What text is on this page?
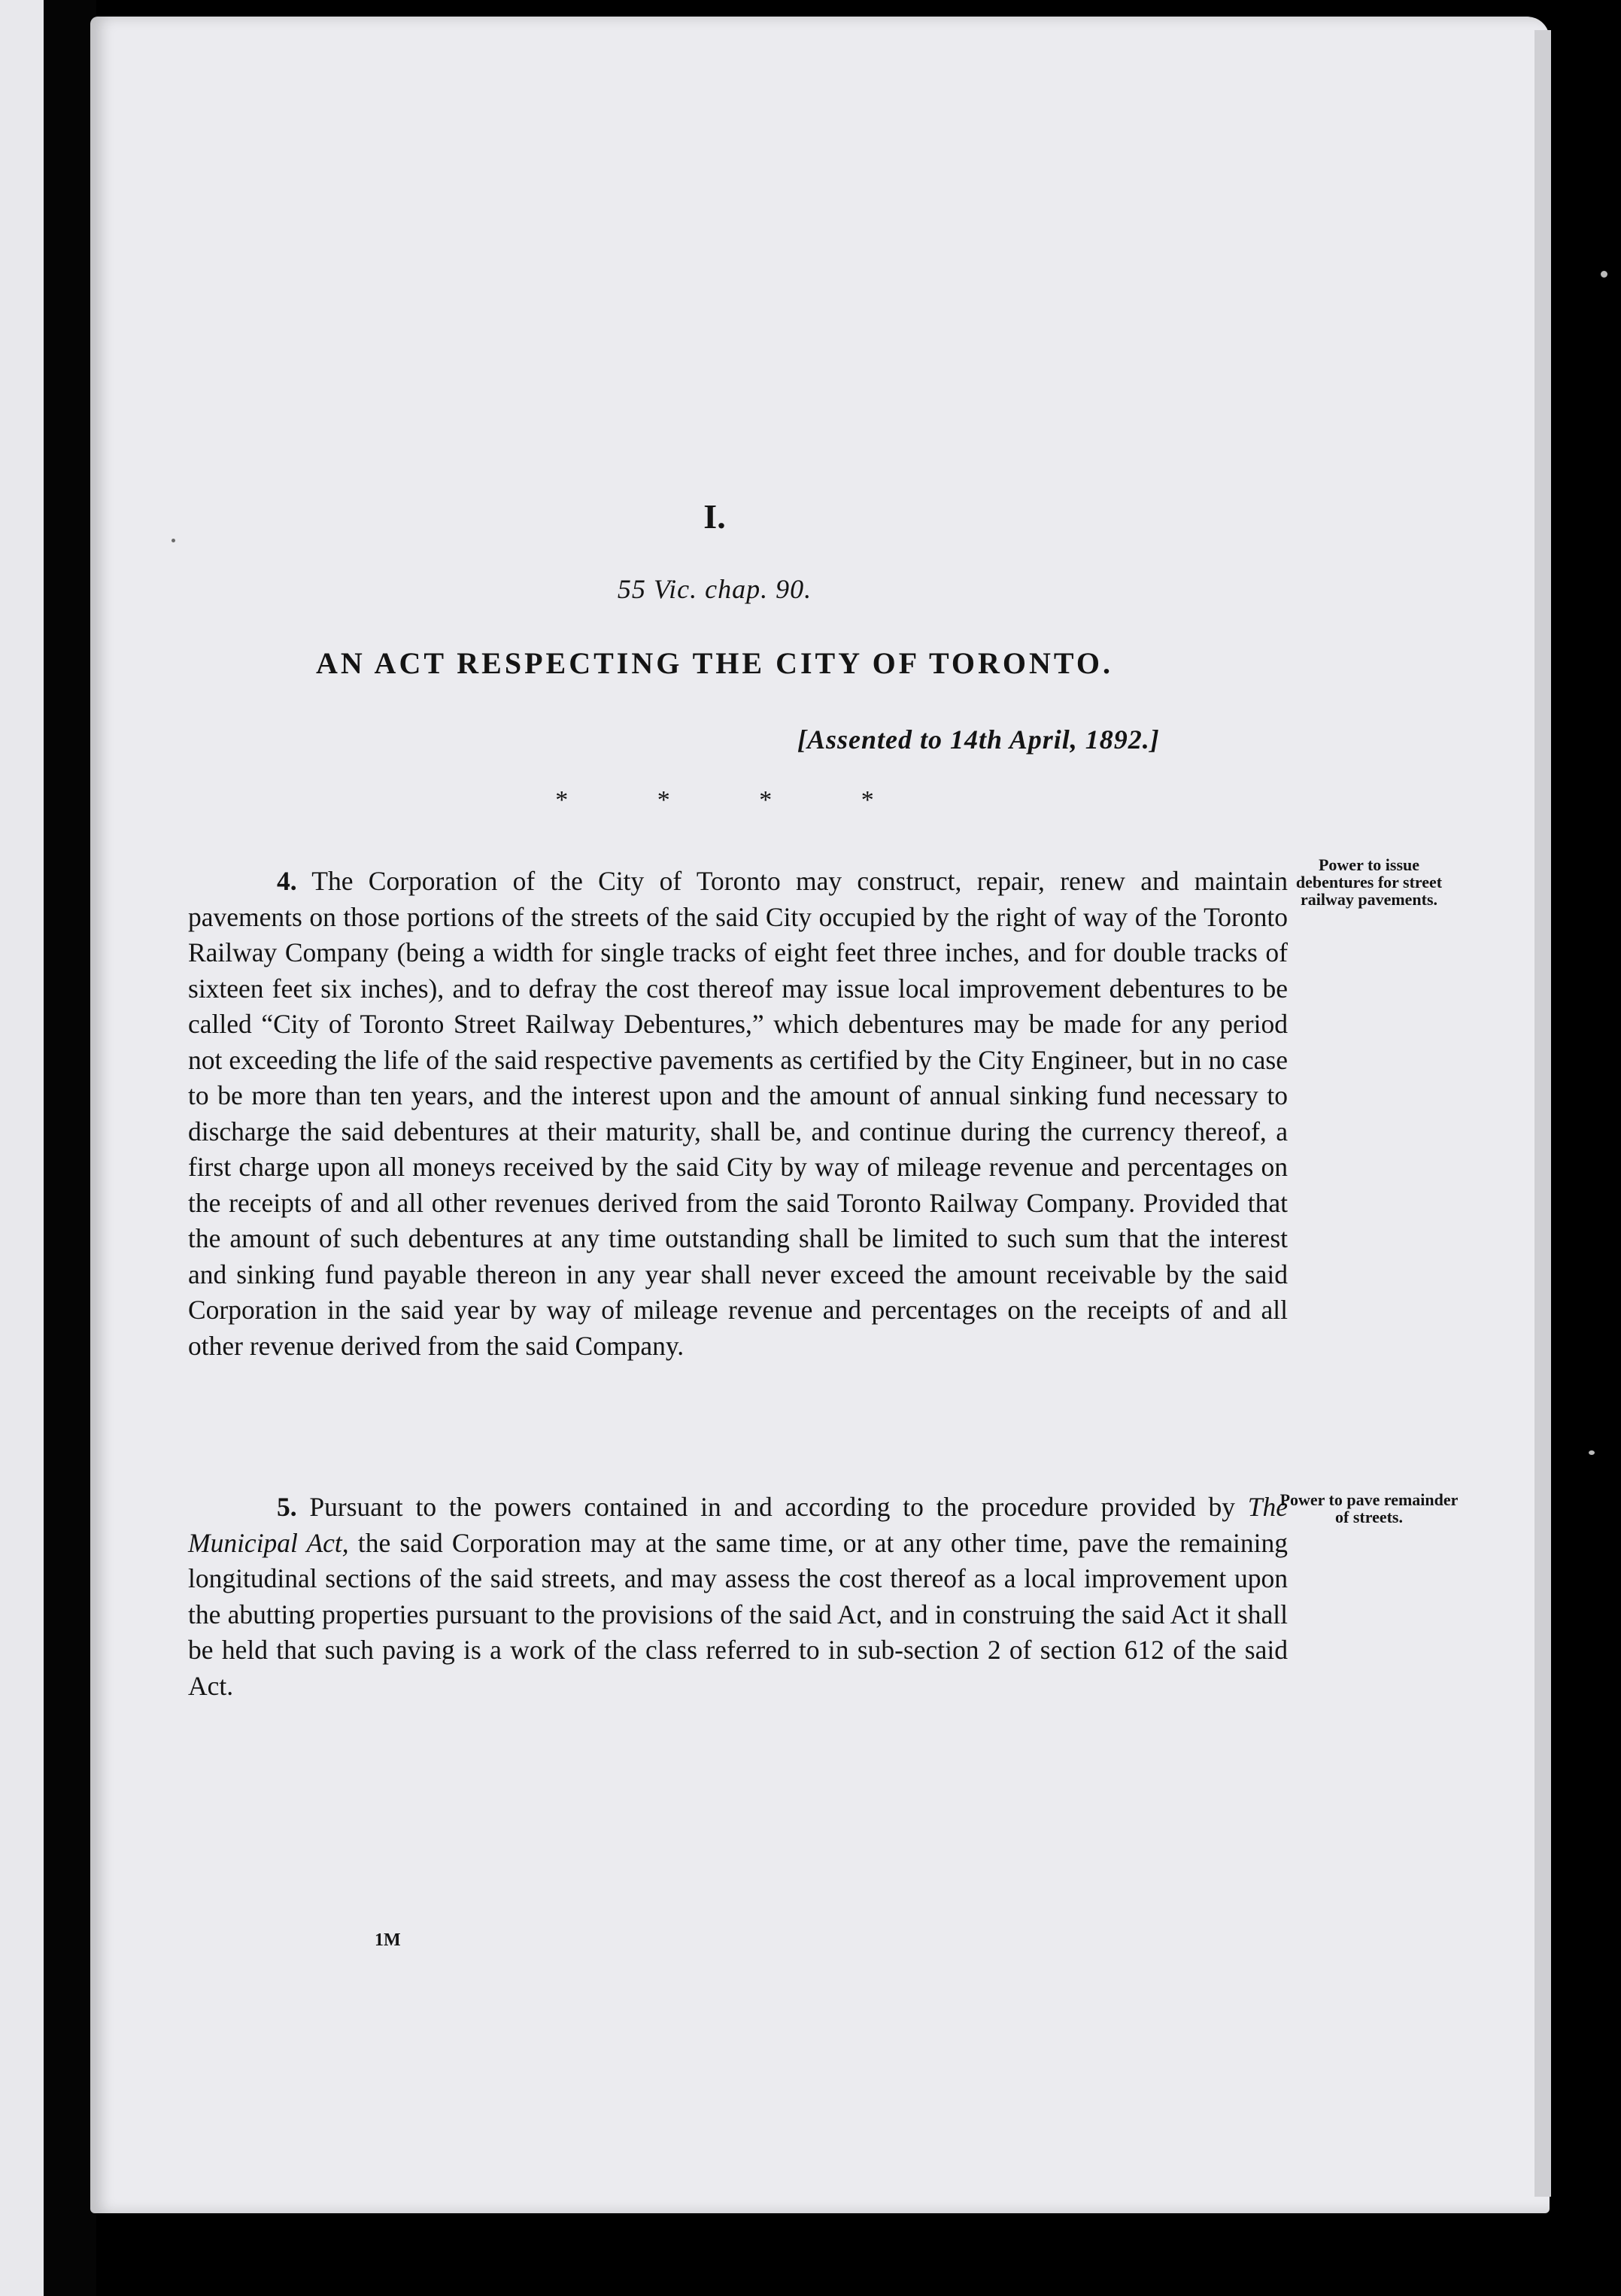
I.
55 Vic. chap. 90.
AN ACT RESPECTING THE CITY OF TORONTO.
[Assented to 14th April, 1892.]
* * * *
4. The Corporation of the City of Toronto may construct, repair, renew and maintain pavements on those portions of the streets of the said City occupied by the right of way of the Toronto Railway Company (being a width for single tracks of eight feet three inches, and for double tracks of sixteen feet six inches), and to defray the cost thereof may issue local improvement debentures to be called “City of Toronto Street Railway Debentures,” which debentures may be made for any period not exceeding the life of the said respective pavements as certified by the City Engineer, but in no case to be more than ten years, and the interest upon and the amount of annual sinking fund necessary to discharge the said debentures at their maturity, shall be, and continue during the currency thereof, a first charge upon all moneys received by the said City by way of mileage revenue and percentages on the receipts of and all other revenues derived from the said Toronto Railway Company. Provided that the amount of such debentures at any time outstanding shall be limited to such sum that the interest and sinking fund payable thereon in any year shall never exceed the amount receivable by the said Corporation in the said year by way of mileage revenue and percentages on the receipts of and all other revenue derived from the said Company.
Power to issue debentures for street railway pavements.
5. Pursuant to the powers contained in and according to the procedure provided by The Municipal Act, the said Corporation may at the same time, or at any other time, pave the remaining longitudinal sections of the said streets, and may assess the cost thereof as a local improvement upon the abutting properties pursuant to the provisions of the said Act, and in construing the said Act it shall be held that such paving is a work of the class referred to in sub-section 2 of section 612 of the said Act.
Power to pave remainder of streets.
1M
